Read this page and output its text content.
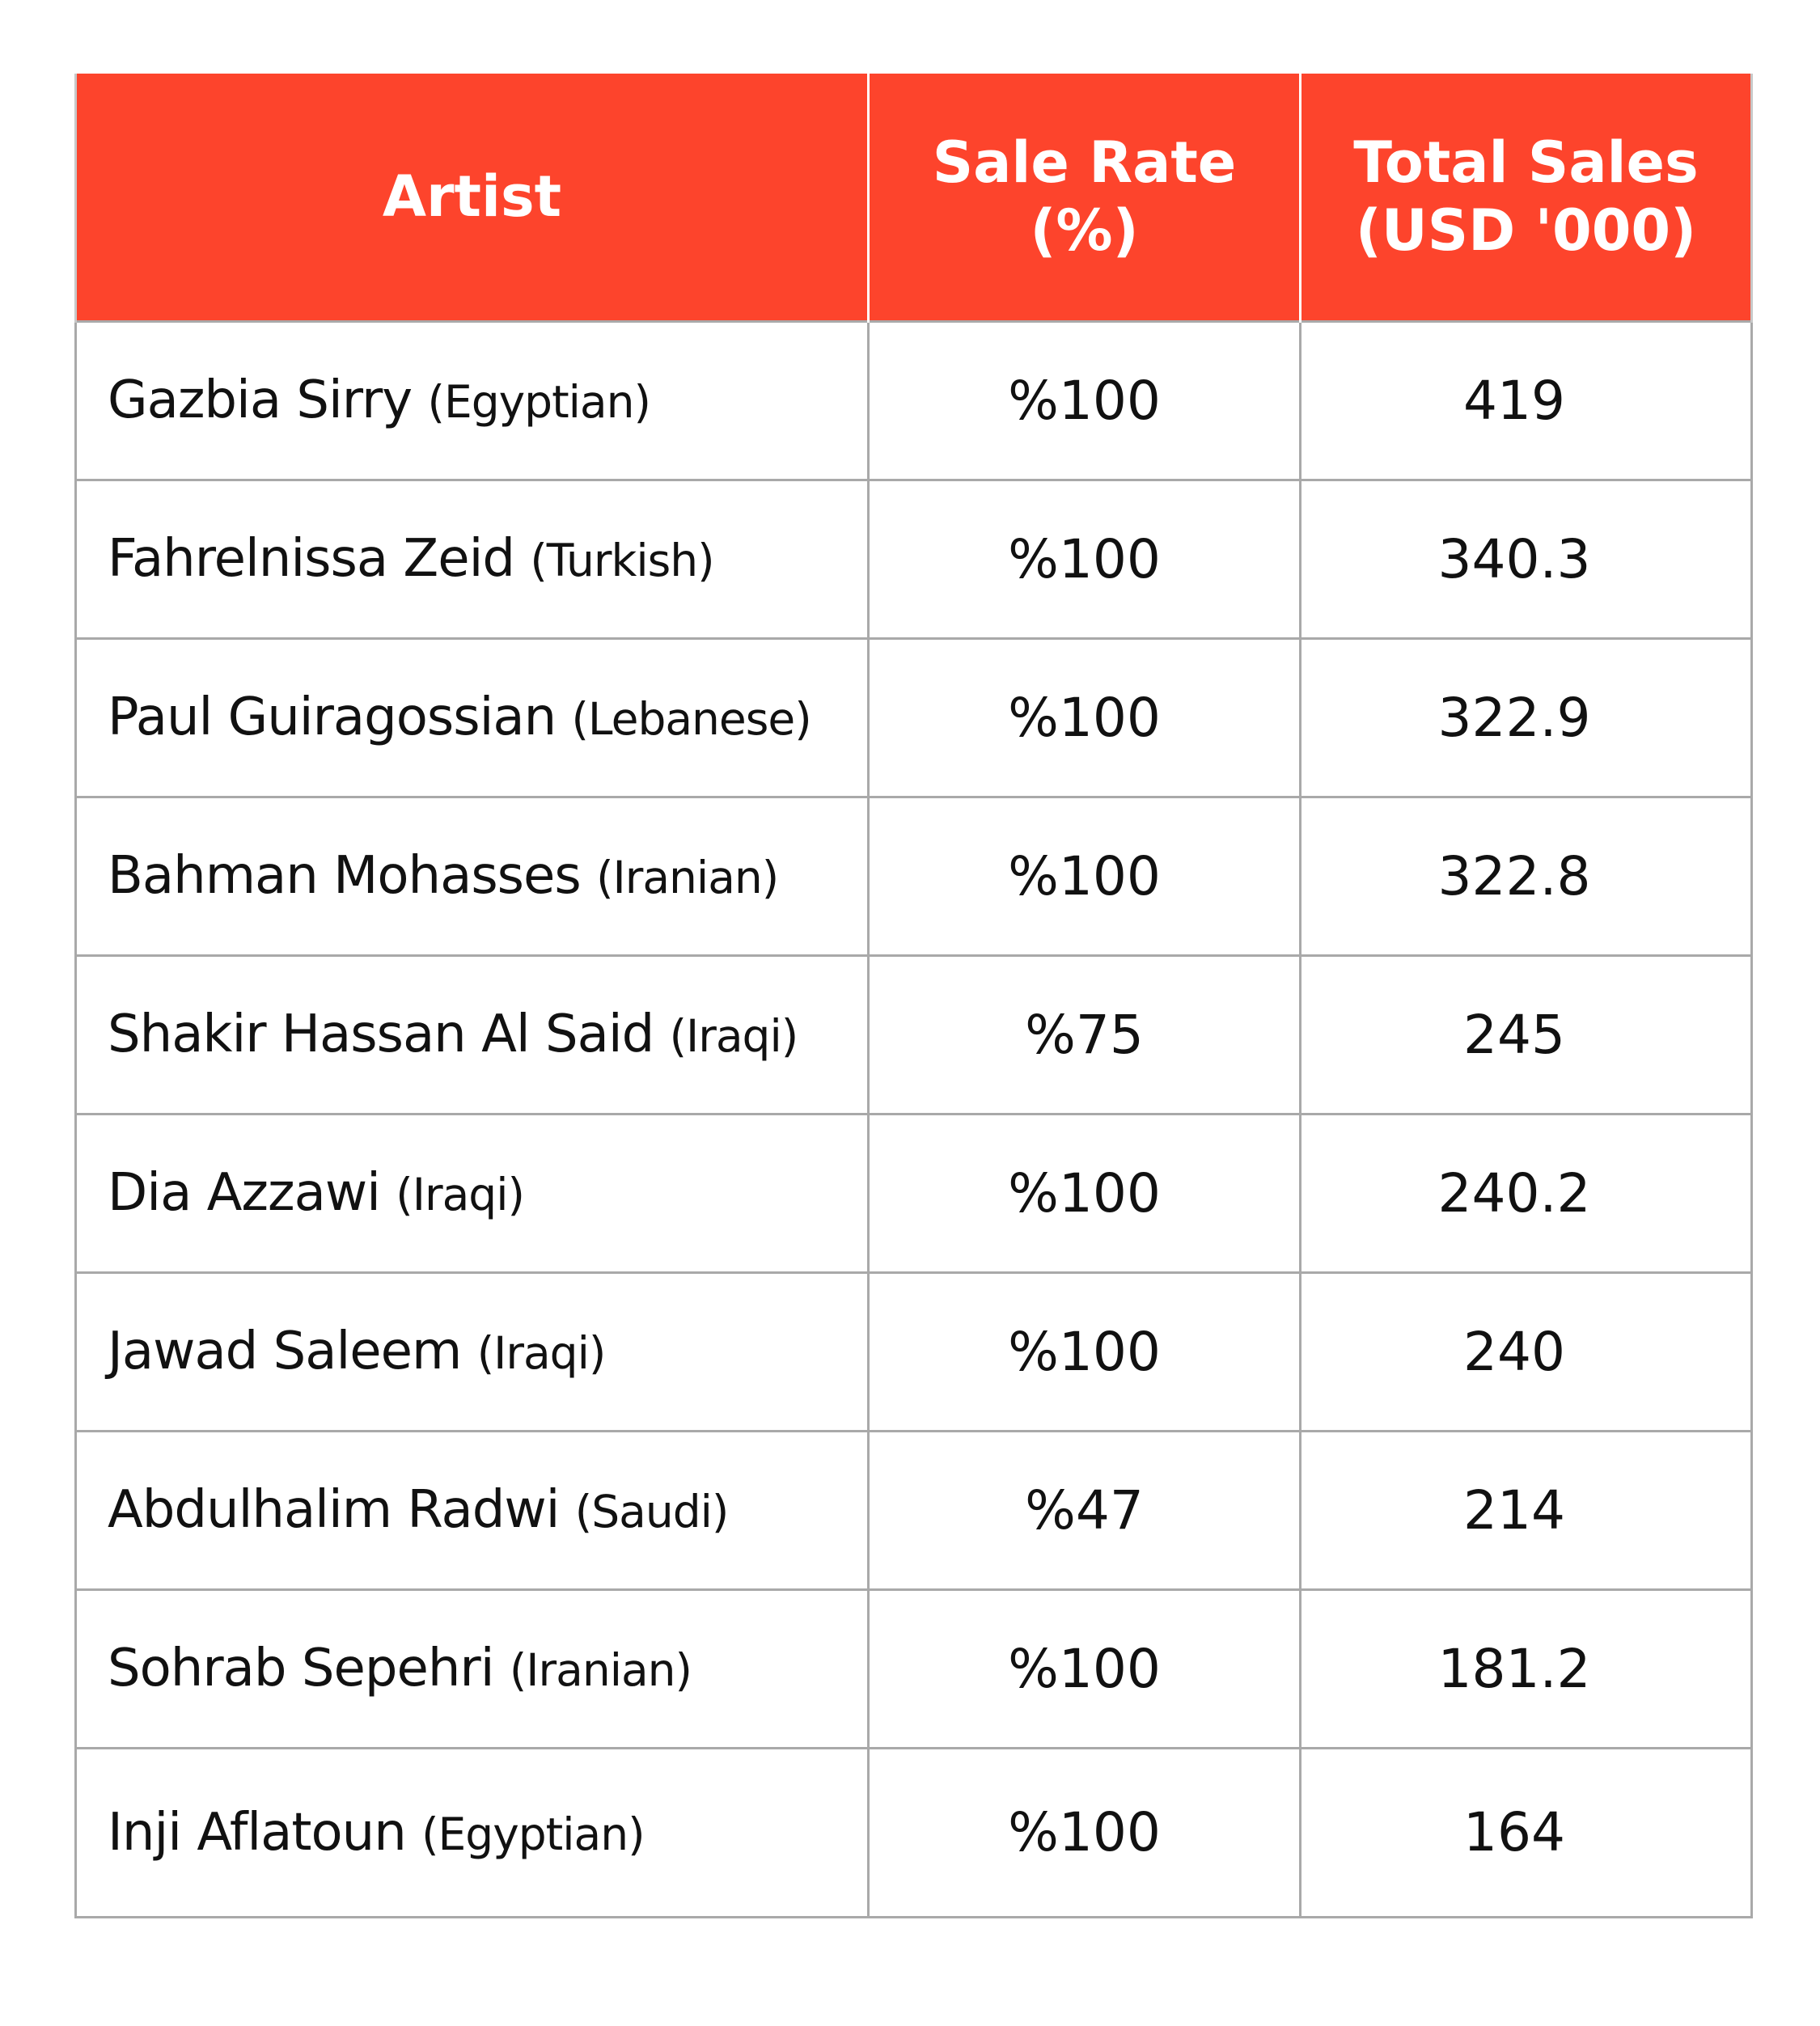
Artist	Sale Rate (%)	Total Sales
(USD '000)

Gazbia Sirry (Egyptian)	%100	419
Fahrelnissa Zeid (Turkish)	%100	340.3
Paul Guiragossian (Lebanese)	%100	322.9
Bahman Mohasses (Iranian)	%100	322.8
Shakir Hassan Al Said (Iraqi)	%75	245
Dia Azzawi (Iraqi)	%100	240.2
Jawad Saleem (Iraqi)	%100	240
Abdulhalim Radwi (Saudi)	%47	214
Sohrab Sepehri (Iranian)	%100	181.2
Inji Aflatoun (Egyptian)	%100	164
